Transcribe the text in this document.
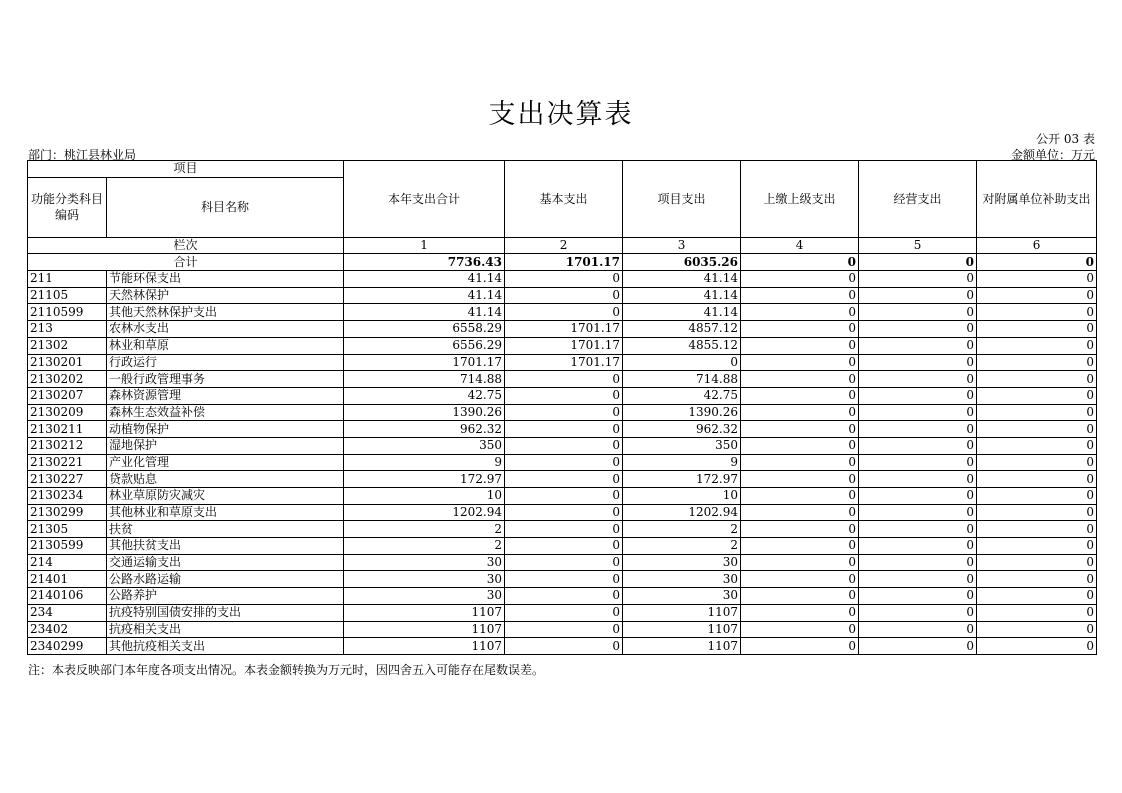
支出决算表
公开 03 表
部门：桃江县林业局	金额单位：万元
项目		本年支出合计	基本支出	项目支出	上缴上级支出	经营支出	对附属单位补助支出
功能分类科目编码	科目名称						
栏次		1	2	3	4	5	6
合计		7736.43	1701.17	6035.26	0	0	0
211	节能环保支出	41.14	0	41.14	0	0	0
21105	天然林保护	41.14	0	41.14	0	0	0
2110599	其他天然林保护支出	41.14	0	41.14	0	0	0
213	农林水支出	6558.29	1701.17	4857.12	0	0	0
21302	林业和草原	6556.29	1701.17	4855.12	0	0	0
2130201	行政运行	1701.17	1701.17	0	0	0	0
2130202	一般行政管理事务	714.88	0	714.88	0	0	0
2130207	森林资源管理	42.75	0	42.75	0	0	0
2130209	森林生态效益补偿	1390.26	0	1390.26	0	0	0
2130211	动植物保护	962.32	0	962.32	0	0	0
2130212	湿地保护	350	0	350	0	0	0
2130221	产业化管理	9	0	9	0	0	0
2130227	贷款贴息	172.97	0	172.97	0	0	0
2130234	林业草原防灾减灾	10	0	10	0	0	0
2130299	其他林业和草原支出	1202.94	0	1202.94	0	0	0
21305	扶贫	2	0	2	0	0	0
2130599	其他扶贫支出	2	0	2	0	0	0
214	交通运输支出	30	0	30	0	0	0
21401	公路水路运输	30	0	30	0	0	0
2140106	公路养护	30	0	30	0	0	0
234	抗疫特别国债安排的支出	1107	0	1107	0	0	0
23402	抗疫相关支出	1107	0	1107	0	0	0
2340299	其他抗疫相关支出	1107	0	1107	0	0	0
注：本表反映部门本年度各项支出情况。本表金额转换为万元时，因四舍五入可能存在尾数误差。
